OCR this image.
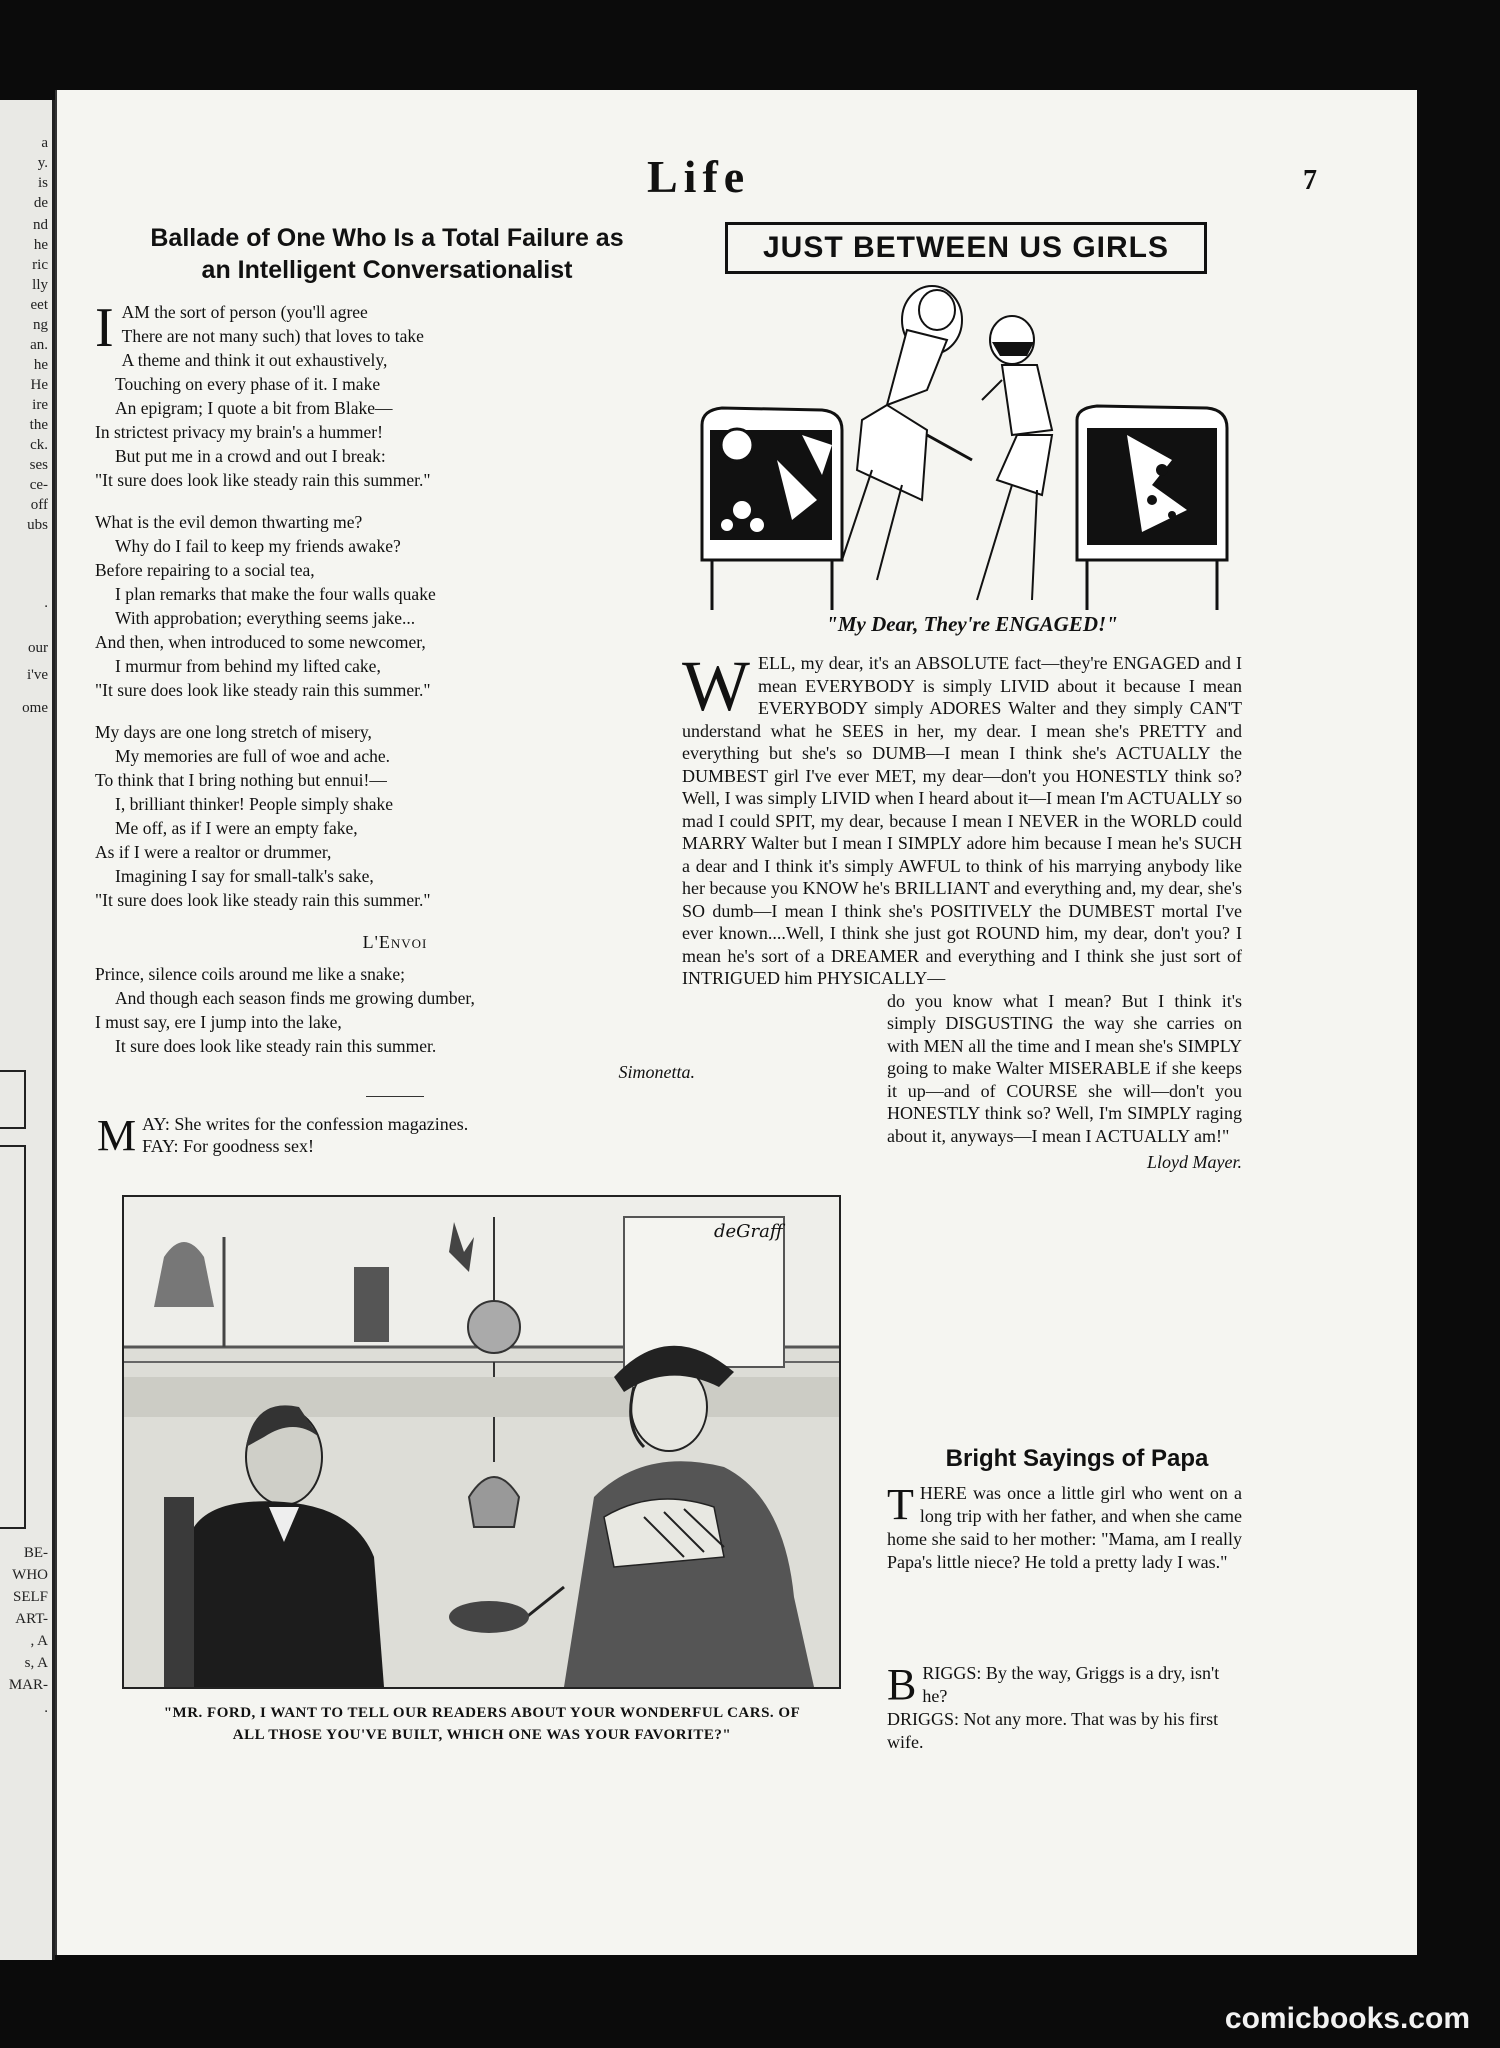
a
y.
is
de
nd
he
ric
lly
eet
ng
an.
he
He
ire
the
ck.
ses
ce-
off
ubs
.
our
i've
ome
BE-
WHO
SELF
ART-
, A
s, A
MAR-
.
Life	7
Ballade of One Who Is a Total Failure as
an Intelligent Conversationalist
I AM the sort of person (you'll agree
There are not many such) that loves to take
A theme and think it out exhaustively,
Touching on every phase of it. I make
An epigram; I quote a bit from Blake—
In strictest privacy my brain's a hummer!
But put me in a crowd and out I break:
"It sure does look like steady rain this summer."
What is the evil demon thwarting me?
Why do I fail to keep my friends awake?
Before repairing to a social tea,
I plan remarks that make the four walls quake
With approbation; everything seems jake...
And then, when introduced to some newcomer,
I murmur from behind my lifted cake,
"It sure does look like steady rain this summer."
My days are one long stretch of misery,
My memories are full of woe and ache.
To think that I bring nothing but ennui!—
I, brilliant thinker! People simply shake
Me off, as if I were an empty fake,
As if I were a realtor or drummer,
Imagining I say for small-talk's sake,
"It sure does look like steady rain this summer."
L'Envoi
Prince, silence coils around me like a snake;
And though each season finds me growing dumber,
I must say, ere I jump into the lake,
It sure does look like steady rain this summer.
Simonetta.
M AY: She writes for the confession magazines.
FAY: For goodness sex!
JUST BETWEEN US GIRLS
"My Dear, They're ENGAGED!"
W ELL, my dear, it's an ABSOLUTE fact—they're ENGAGED and I mean EVERYBODY is simply LIVID about it because I mean EVERYBODY simply ADORES Walter and they simply CAN'T understand what he SEES in her, my dear. I mean she's PRETTY and everything but she's so DUMB—I mean I think she's ACTUALLY the DUMBEST girl I've ever MET, my dear—don't you HONESTLY think so? Well, I was simply LIVID when I heard about it—I mean I'm ACTUALLY so mad I could SPIT, my dear, because I mean I NEVER in the WORLD could MARRY Walter but I mean I SIMPLY adore him because I mean he's SUCH a dear and I think it's simply AWFUL to think of his marrying anybody like her because you KNOW he's BRILLIANT and everything and, my dear, she's SO dumb—I mean I think she's POSITIVELY the DUMBEST mortal I've ever known....Well, I think she just got ROUND him, my dear, don't you? I mean he's sort of a DREAMER and everything and I think she just sort of INTRIGUED him PHYSICALLY—
do you know what I mean? But I think it's simply DISGUSTING the way she carries on with MEN all the time and I mean she's SIMPLY going to make Walter MISERABLE if she keeps it up—and of COURSE she will—don't you HONESTLY think so? Well, I'm SIMPLY raging about it, anyways—I mean I ACTUALLY am!"
Lloyd Mayer.
Bright Sayings of Papa
T HERE was once a little girl who went on a long trip with her father, and when she came home she said to her mother: "Mama, am I really Papa's little niece? He told a pretty lady I was."
B RIGGS: By the way, Griggs is a dry, isn't he?
DRIGGS: Not any more. That was by his first wife.
deGraff
"MR. FORD, I WANT TO TELL OUR READERS ABOUT YOUR WONDERFUL CARS. OF
ALL THOSE YOU'VE BUILT, WHICH ONE WAS YOUR FAVORITE?"
comicbooks.com
